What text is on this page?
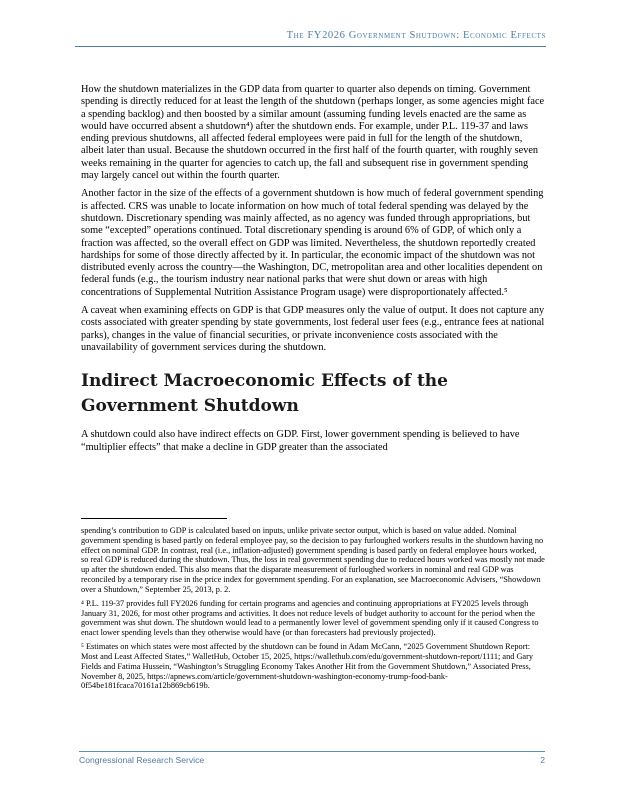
The FY2026 Government Shutdown: Economic Effects

How the shutdown materializes in the GDP data from quarter to quarter also depends on timing. Government spending is directly reduced for at least the length of the shutdown (perhaps longer, as some agencies might face a spending backlog) and then boosted by a similar amount (assuming funding levels enacted are the same as would have occurred absent a shutdown⁴) after the shutdown ends. For example, under P.L. 119-37 and laws ending previous shutdowns, all affected federal employees were paid in full for the length of the shutdown, albeit later than usual. Because the shutdown occurred in the first half of the fourth quarter, with roughly seven weeks remaining in the quarter for agencies to catch up, the fall and subsequent rise in government spending may largely cancel out within the fourth quarter.

Another factor in the size of the effects of a government shutdown is how much of federal government spending is affected. CRS was unable to locate information on how much of total federal spending was delayed by the shutdown. Discretionary spending was mainly affected, as no agency was funded through appropriations, but some “excepted” operations continued. Total discretionary spending is around 6% of GDP, of which only a fraction was affected, so the overall effect on GDP was limited. Nevertheless, the shutdown reportedly created hardships for some of those directly affected by it. In particular, the economic impact of the shutdown was not distributed evenly across the country—the Washington, DC, metropolitan area and other localities dependent on federal funds (e.g., the tourism industry near national parks that were shut down or areas with high concentrations of Supplemental Nutrition Assistance Program usage) were disproportionately affected.⁵

A caveat when examining effects on GDP is that GDP measures only the value of output. It does not capture any costs associated with greater spending by state governments, lost federal user fees (e.g., entrance fees at national parks), changes in the value of financial securities, or private inconvenience costs associated with the unavailability of government services during the shutdown.

Indirect Macroeconomic Effects of the Government Shutdown

A shutdown could also have indirect effects on GDP. First, lower government spending is believed to have “multiplier effects” that make a decline in GDP greater than the associated

spending’s contribution to GDP is calculated based on inputs, unlike private sector output, which is based on value added. Nominal government spending is based partly on federal employee pay, so the decision to pay furloughed workers results in the shutdown having no effect on nominal GDP. In contrast, real (i.e., inflation-adjusted) government spending is based partly on federal employee hours worked, so real GDP is reduced during the shutdown. Thus, the loss in real government spending due to reduced hours worked was mostly not made up after the shutdown ended. This also means that the disparate measurement of furloughed workers in nominal and real GDP was reconciled by a temporary rise in the price index for government spending. For an explanation, see Macroeconomic Advisers, “Showdown over a Shutdown,” September 25, 2013, p. 2.

⁴ P.L. 119-37 provides full FY2026 funding for certain programs and agencies and continuing appropriations at FY2025 levels through January 31, 2026, for most other programs and activities. It does not reduce levels of budget authority to account for the period when the government was shut down. The shutdown would lead to a permanently lower level of government spending only if it caused Congress to enact lower spending levels than they otherwise would have (or than forecasters had previously projected).

⁵ Estimates on which states were most affected by the shutdown can be found in Adam McCann, “2025 Government Shutdown Report: Most and Least Affected States,” WalletHub, October 15, 2025, https://wallethub.com/edu/government-shutdown-report/1111; and Gary Fields and Fatima Hussein, “Washington’s Struggling Economy Takes Another Hit from the Government Shutdown,” Associated Press, November 8, 2025, https://apnews.com/article/government-shutdown-washington-economy-trump-food-bank-0f54be181fcaca70161a12b869cb619b.

Congressional Research Service	2
